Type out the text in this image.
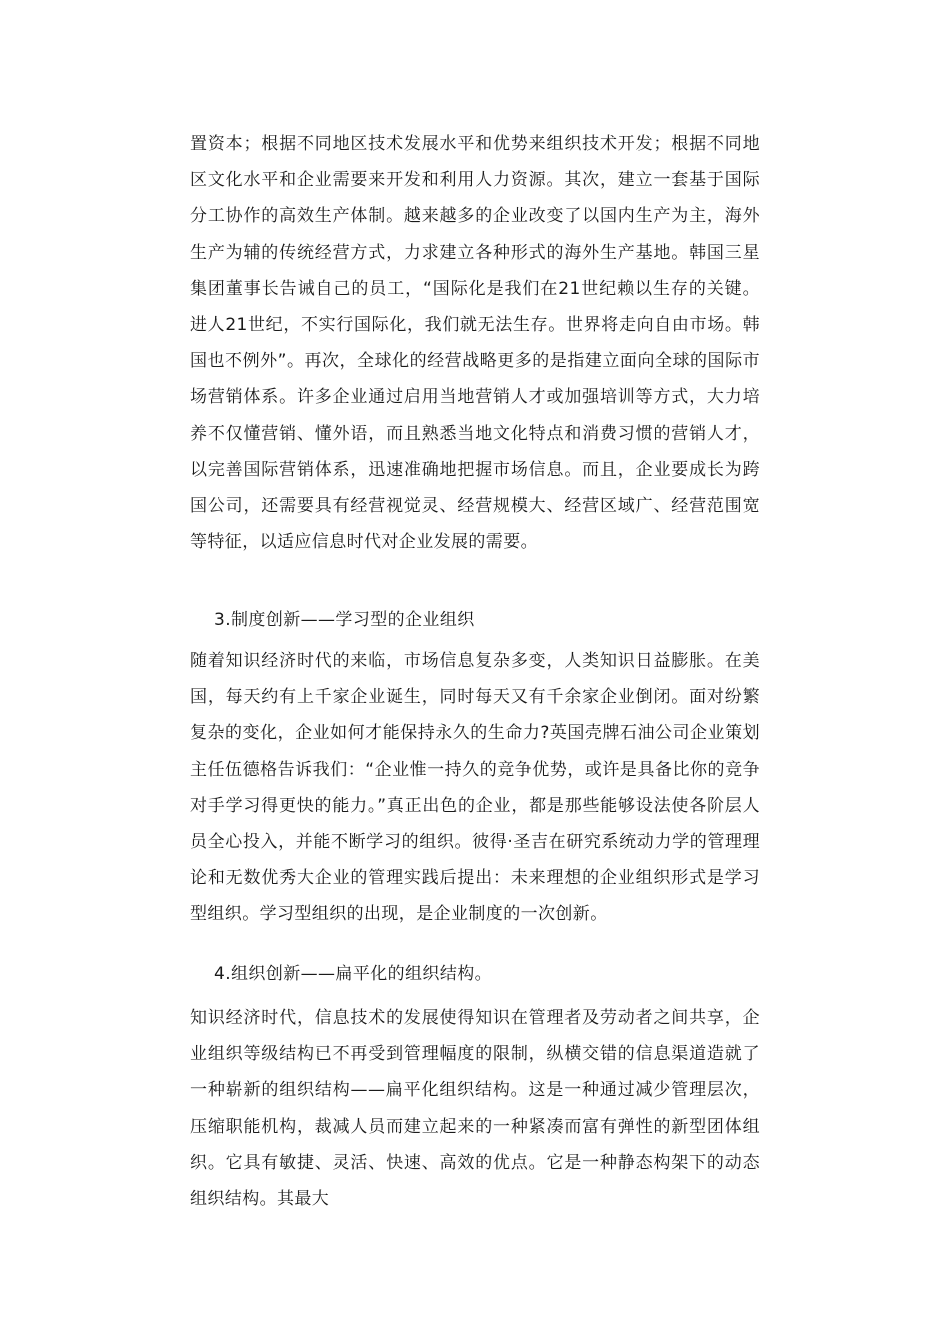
置资本；根据不同地区技术发展水平和优势来组织技术开发；根据不同地区文化水平和企业需要来开发和利用人力资源。其次，建立一套基于国际分工协作的高效生产体制。越来越多的企业改变了以国内生产为主，海外生产为辅的传统经营方式，力求建立各种形式的海外生产基地。韩国三星集团董事长告诫自己的员工，“国际化是我们在21世纪赖以生存的关键。进人21世纪，不实行国际化，我们就无法生存。世界将走向自由市场。韩国也不例外”。再次，全球化的经营战略更多的是指建立面向全球的国际市场营销体系。许多企业通过启用当地营销人才或加强培训等方式，大力培养不仅懂营销、懂外语，而且熟悉当地文化特点和消费习惯的营销人才，以完善国际营销体系，迅速准确地把握市场信息。而且，企业要成长为跨国公司，还需要具有经营视觉灵、经营规模大、经营区域广、经营范围宽等特征，以适应信息时代对企业发展的需要。

3.制度创新——学习型的企业组织

随着知识经济时代的来临，市场信息复杂多变，人类知识日益膨胀。在美国，每天约有上千家企业诞生，同时每天又有千余家企业倒闭。面对纷繁复杂的变化，企业如何才能保持永久的生命力?英国壳牌石油公司企业策划主任伍德格告诉我们：“企业惟一持久的竞争优势，或许是具备比你的竞争对手学习得更快的能力。”真正出色的企业，都是那些能够设法使各阶层人员全心投入，并能不断学习的组织。彼得·圣吉在研究系统动力学的管理理论和无数优秀大企业的管理实践后提出：未来理想的企业组织形式是学习型组织。学习型组织的出现，是企业制度的一次创新。

4.组织创新——扁平化的组织结构。

知识经济时代，信息技术的发展使得知识在管理者及劳动者之间共享，企业组织等级结构已不再受到管理幅度的限制，纵横交错的信息渠道造就了一种崭新的组织结构——扁平化组织结构。这是一种通过减少管理层次，压缩职能机构，裁减人员而建立起来的一种紧凑而富有弹性的新型团体组织。它具有敏捷、灵活、快速、高效的优点。它是一种静态构架下的动态组织结构。其最大
